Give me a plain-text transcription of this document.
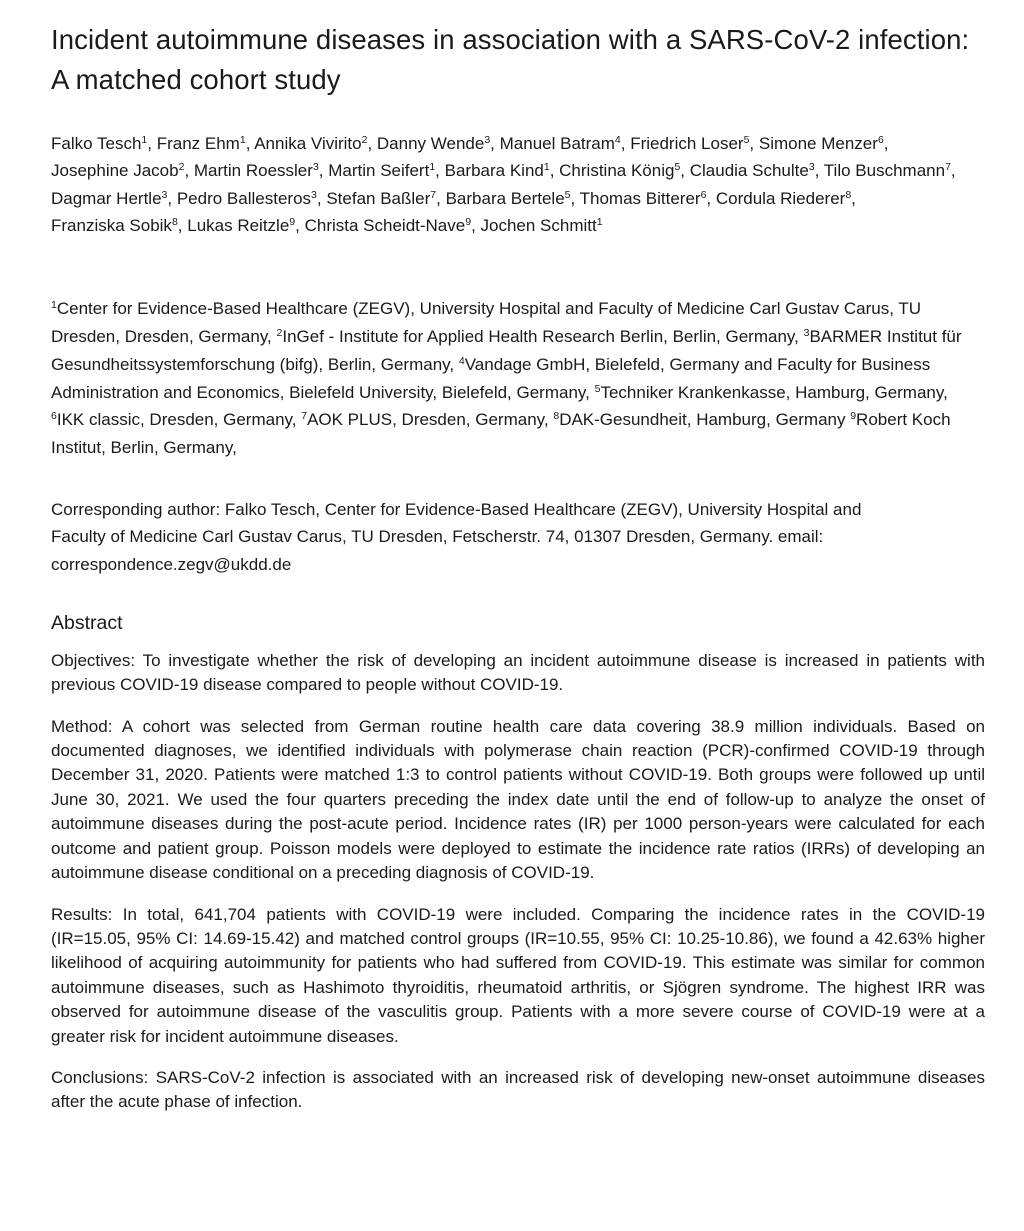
Incident autoimmune diseases in association with a SARS-CoV-2 infection: A matched cohort study
Falko Tesch$^1$, Franz Ehm$^1$, Annika Vivirito$^2$, Danny Wende$^3$, Manuel Batram$^4$, Friedrich Loser$^5$, Simone Menzer$^6$, Josephine Jacob$^2$, Martin Roessler$^3$, Martin Seifert$^1$, Barbara Kind$^1$, Christina König$^5$, Claudia Schulte$^3$, Tilo Buschmann$^7$, Dagmar Hertle$^3$, Pedro Ballesteros$^3$, Stefan Baßler$^7$, Barbara Bertele$^5$, Thomas Bitterer$^6$, Cordula Riederer$^8$, Franziska Sobik$^8$, Lukas Reitzle$^9$, Christa Scheidt-Nave$^9$, Jochen Schmitt$^1$
$^1$Center for Evidence-Based Healthcare (ZEGV), University Hospital and Faculty of Medicine Carl Gustav Carus, TU Dresden, Dresden, Germany, $^2$InGef - Institute for Applied Health Research Berlin, Berlin, Germany, $^3$BARMER Institut für Gesundheitssystemforschung (bifg), Berlin, Germany, $^4$Vandage GmbH, Bielefeld, Germany and Faculty for Business Administration and Economics, Bielefeld University, Bielefeld, Germany, $^5$Techniker Krankenkasse, Hamburg, Germany, $^6$IKK classic, Dresden, Germany, $^7$AOK PLUS, Dresden, Germany, $^8$DAK-Gesundheit, Hamburg, Germany $^9$Robert Koch Institut, Berlin, Germany,
Corresponding author: Falko Tesch, Center for Evidence-Based Healthcare (ZEGV), University Hospital and Faculty of Medicine Carl Gustav Carus, TU Dresden, Fetscherstr. 74, 01307 Dresden, Germany. email: correspondence.zegv@ukdd.de
Abstract

Objectives: To investigate whether the risk of developing an incident autoimmune disease is increased in patients with previous COVID-19 disease compared to people without COVID-19.

Method: A cohort was selected from German routine health care data covering 38.9 million individuals. Based on documented diagnoses, we identified individuals with polymerase chain reaction (PCR)-confirmed COVID-19 through December 31, 2020. Patients were matched 1:3 to control patients without COVID-19. Both groups were followed up until June 30, 2021. We used the four quarters preceding the index date until the end of follow-up to analyze the onset of autoimmune diseases during the post-acute period. Incidence rates (IR) per 1000 person-years were calculated for each outcome and patient group. Poisson models were deployed to estimate the incidence rate ratios (IRRs) of developing an autoimmune disease conditional on a preceding diagnosis of COVID-19.

Results: In total, 641,704 patients with COVID-19 were included. Comparing the incidence rates in the COVID-19 (IR=15.05, 95% CI: 14.69-15.42) and matched control groups (IR=10.55, 95% CI: 10.25-10.86), we found a 42.63% higher likelihood of acquiring autoimmunity for patients who had suffered from COVID-19. This estimate was similar for common autoimmune diseases, such as Hashimoto thyroiditis, rheumatoid arthritis, or Sjögren syndrome. The highest IRR was observed for autoimmune disease of the vasculitis group. Patients with a more severe course of COVID-19 were at a greater risk for incident autoimmune diseases.

Conclusions: SARS-CoV-2 infection is associated with an increased risk of developing new-onset autoimmune diseases after the acute phase of infection.
